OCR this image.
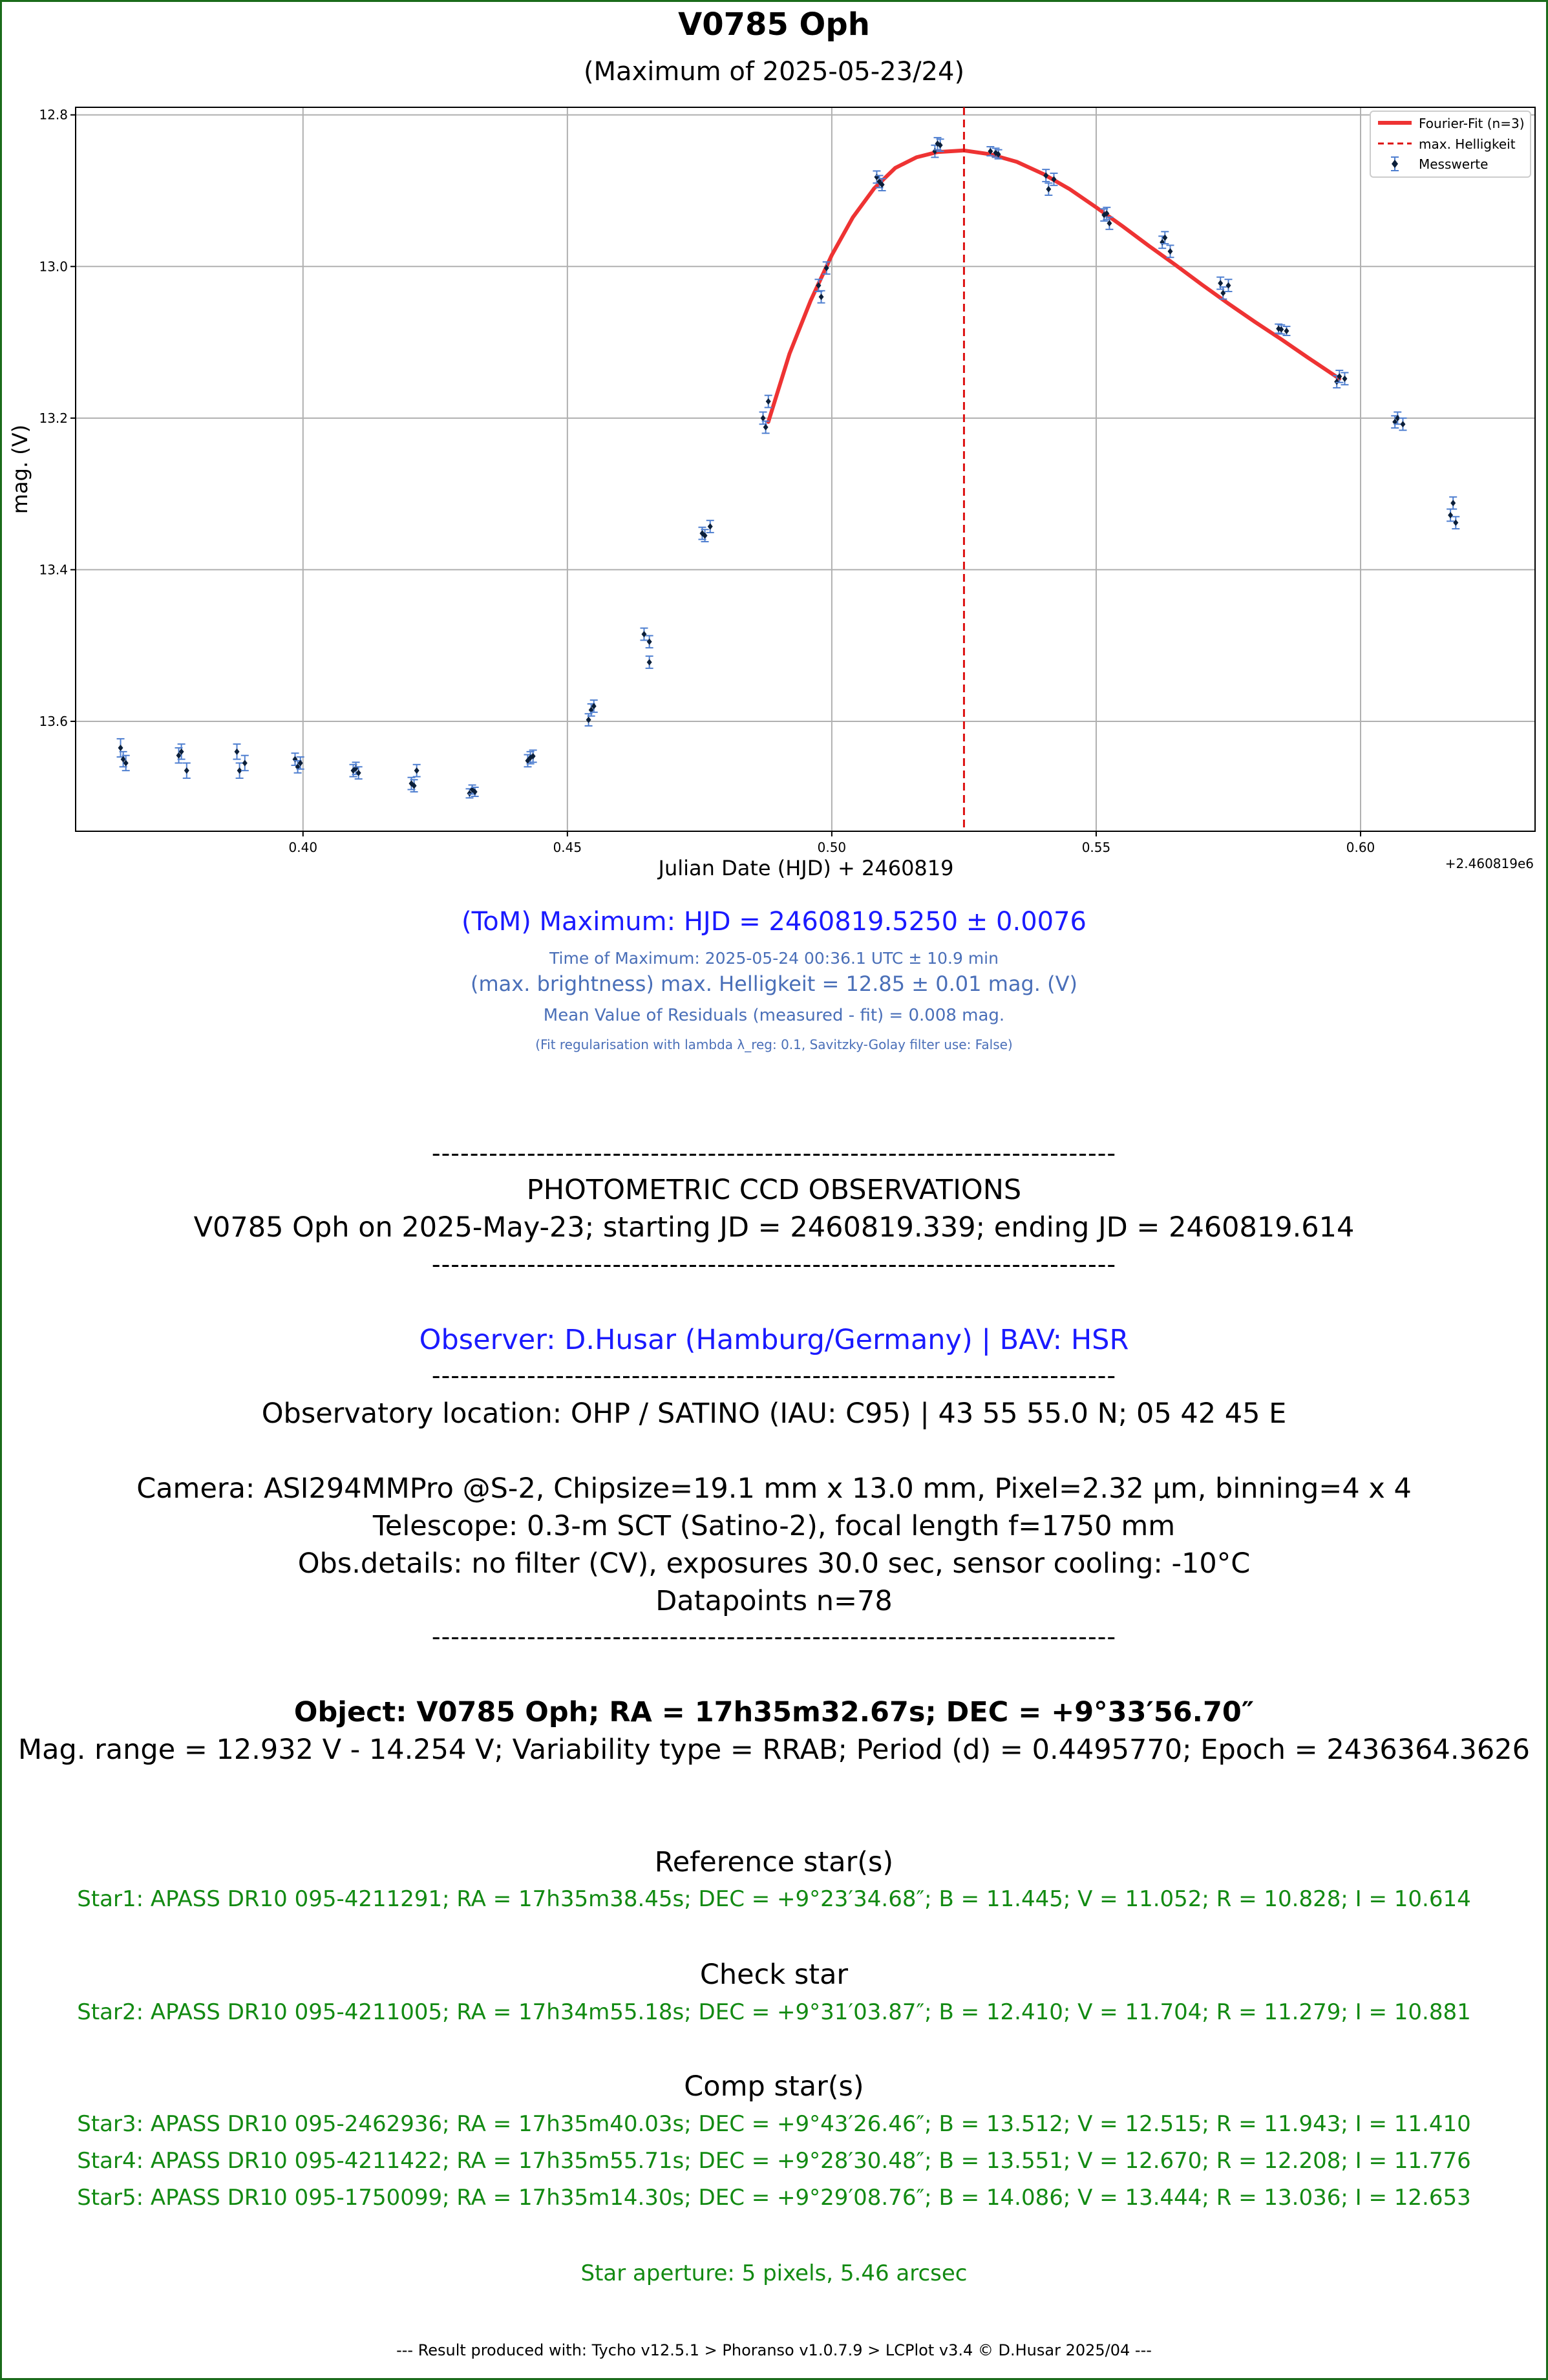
V0785 Oph
(Maximum of 2025-05-23/24)
0.40	0.45	0.50	0.55	0.60
12.8
13.0
13.2
13.4
13.6
Julian Date (HJD) + 2460819	+2.460819e6
mag. (V)
Fourier-Fit (n=3)
max. Helligkeit
Messwerte
(ToM) Maximum: HJD = 2460819.5250 ± 0.0076
Time of Maximum: 2025-05-24 00:36.1 UTC ± 10.9 min
(max. brightness) max. Helligkeit = 12.85 ± 0.01 mag. (V)
Mean Value of Residuals (measured - fit) = 0.008 mag.
(Fit regularisation with lambda λ_reg: 0.1, Savitzky-Golay filter use: False)
------------------------------------------------------------------------
PHOTOMETRIC CCD OBSERVATIONS
V0785 Oph on 2025-May-23; starting JD = 2460819.339; ending JD = 2460819.614
------------------------------------------------------------------------
Observer: D.Husar (Hamburg/Germany) | BAV: HSR
------------------------------------------------------------------------
Observatory location: OHP / SATINO (IAU: C95) | 43 55 55.0 N; 05 42 45 E
Camera: ASI294MMPro @S-2, Chipsize=19.1 mm x 13.0 mm, Pixel=2.32 µm, binning=4 x 4
Telescope: 0.3-m SCT (Satino-2), focal length f=1750 mm
Obs.details: no filter (CV), exposures 30.0 sec, sensor cooling: -10°C
Datapoints n=78
------------------------------------------------------------------------
Object: V0785 Oph; RA = 17h35m32.67s; DEC = +9°33′56.70″
Mag. range = 12.932 V - 14.254 V; Variability type = RRAB; Period (d) = 0.4495770; Epoch = 2436364.3626
Reference star(s)
Star1: APASS DR10 095-4211291; RA = 17h35m38.45s; DEC = +9°23′34.68″; B = 11.445; V = 11.052; R = 10.828; I = 10.614
Check star
Star2: APASS DR10 095-4211005; RA = 17h34m55.18s; DEC = +9°31′03.87″; B = 12.410; V = 11.704; R = 11.279; I = 10.881
Comp star(s)
Star3: APASS DR10 095-2462936; RA = 17h35m40.03s; DEC = +9°43′26.46″; B = 13.512; V = 12.515; R = 11.943; I = 11.410
Star4: APASS DR10 095-4211422; RA = 17h35m55.71s; DEC = +9°28′30.48″; B = 13.551; V = 12.670; R = 12.208; I = 11.776
Star5: APASS DR10 095-1750099; RA = 17h35m14.30s; DEC = +9°29′08.76″; B = 14.086; V = 13.444; R = 13.036; I = 12.653
Star aperture: 5 pixels, 5.46 arcsec
--- Result produced with: Tycho v12.5.1 > Phoranso v1.0.7.9 > LCPlot v3.4 © D.Husar 2025/04 ---
